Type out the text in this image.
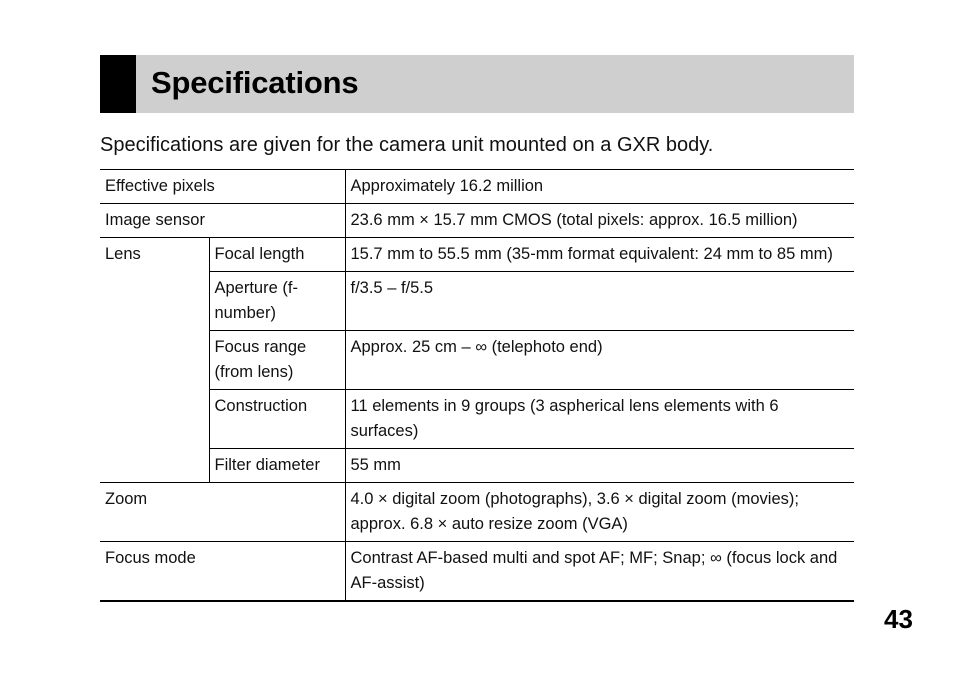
Specifications
Specifications are given for the camera unit mounted on a GXR body.
Effective pixels		Approximately 16.2 million
Image sensor		23.6 mm × 15.7 mm CMOS (total pixels: approx. 16.5 million)
Lens	Focal length	15.7 mm to 55.5 mm (35-mm format equivalent: 24 mm to 85 mm)
	Aperture (f-number)	f/3.5 – f/5.5
	Focus range (from lens)	Approx. 25 cm – ∞ (telephoto end)
	Construction	11 elements in 9 groups (3 aspherical lens elements with 6 surfaces)
	Filter diameter	55 mm
Zoom		4.0 × digital zoom (photographs), 3.6 × digital zoom (movies); approx. 6.8 × auto resize zoom (VGA)
Focus mode		Contrast AF-based multi and spot AF; MF; Snap; ∞ (focus lock and AF-assist)
43
